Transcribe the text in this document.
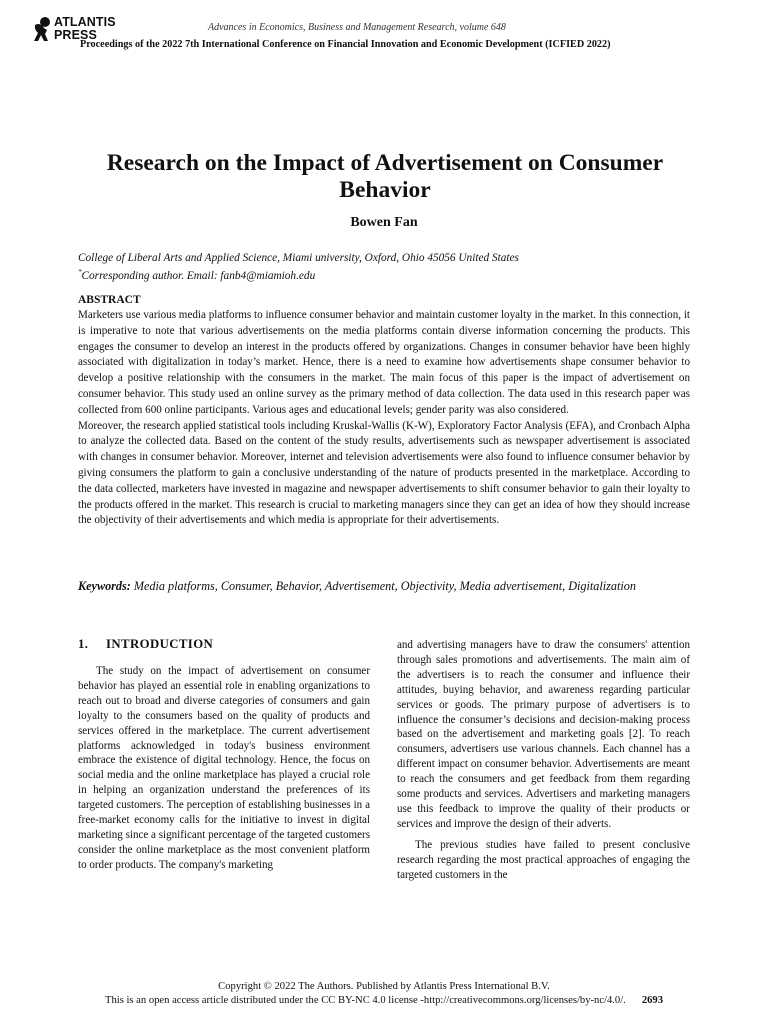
ATLANTIS
PRESS	Advances in Economics, Business and Management Research, volume 648
Proceedings of the 2022 7th International Conference on Financial Innovation and Economic Development (ICFIED 2022)
Research on the Impact of Advertisement on Consumer Behavior
Bowen Fan
College of Liberal Arts and Applied Science, Miami university, Oxford, Ohio 45056 United States
*Corresponding author. Email: fanb4@miamioh.edu
ABSTRACT

Marketers use various media platforms to influence consumer behavior and maintain customer loyalty in the market. In this connection, it is imperative to note that various advertisements on the media platforms contain diverse information concerning the products. This engages the consumer to develop an interest in the products offered by organizations. Changes in consumer behavior have been highly associated with digitalization in today’s market. Hence, there is a need to examine how advertisements shape consumer behavior to develop a positive relationship with the consumers in the market. The main focus of this paper is the impact of advertisement on consumer behavior. This study used an online survey as the primary method of data collection. The data used in this research paper was collected from 600 online participants. Various ages and educational levels; gender parity was also considered.

Moreover, the research applied statistical tools including Kruskal-Wallis (K-W), Exploratory Factor Analysis (EFA), and Cronbach Alpha to analyze the collected data. Based on the content of the study results, advertisements such as newspaper advertisement is associated with changes in consumer behavior. Moreover, internet and television advertisements were also found to influence consumer behavior by giving consumers the platform to gain a conclusive understanding of the nature of products presented in the marketplace. According to the data collected, marketers have invested in magazine and newspaper advertisements to shift consumer behavior to gain their loyalty to the products offered in the market. This research is crucial to marketing managers since they can get an idea of how they should increase the objectivity of their advertisements and which media is appropriate for their advertisements.

Keywords: Media platforms, Consumer, Behavior, Advertisement, Objectivity, Media advertisement, Digitalization
1. INTRODUCTION

The study on the impact of advertisement on consumer behavior has played an essential role in enabling organizations to reach out to broad and diverse categories of consumers and gain loyalty to the consumers based on the quality of products and services offered in the marketplace. The current advertisement platforms acknowledged in today's business environment embrace the existence of digital technology. Hence, the focus on social media and the online marketplace has played a crucial role in helping an organization understand the preferences of its targeted customers. The perception of establishing businesses in a free-market economy calls for the initiative to invest in digital marketing since a significant percentage of the targeted customers consider the online marketplace as the most convenient platform to order products. The company's marketing

and advertising managers have to draw the consumers' attention through sales promotions and advertisements. The main aim of the advertisers is to reach the consumer and influence their attitudes, buying behavior, and awareness regarding particular services or goods. The primary purpose of advertisers is to influence the consumer’s decisions and decision-making process based on the advertisement and marketing goals [2]. To reach consumers, advertisers use various channels. Each channel has a different impact on consumer behavior. Advertisements are meant to reach the consumers and get feedback from them regarding some products and services. Advertisers and marketing managers use this feedback to improve the quality of their products or services and improve the design of their adverts.

The previous studies have failed to present conclusive research regarding the most practical approaches of engaging the targeted customers in the

Copyright © 2022 The Authors. Published by Atlantis Press International B.V.
This is an open access article distributed under the CC BY-NC 4.0 license -http://creativecommons.org/licenses/by-nc/4.0/. 2693
